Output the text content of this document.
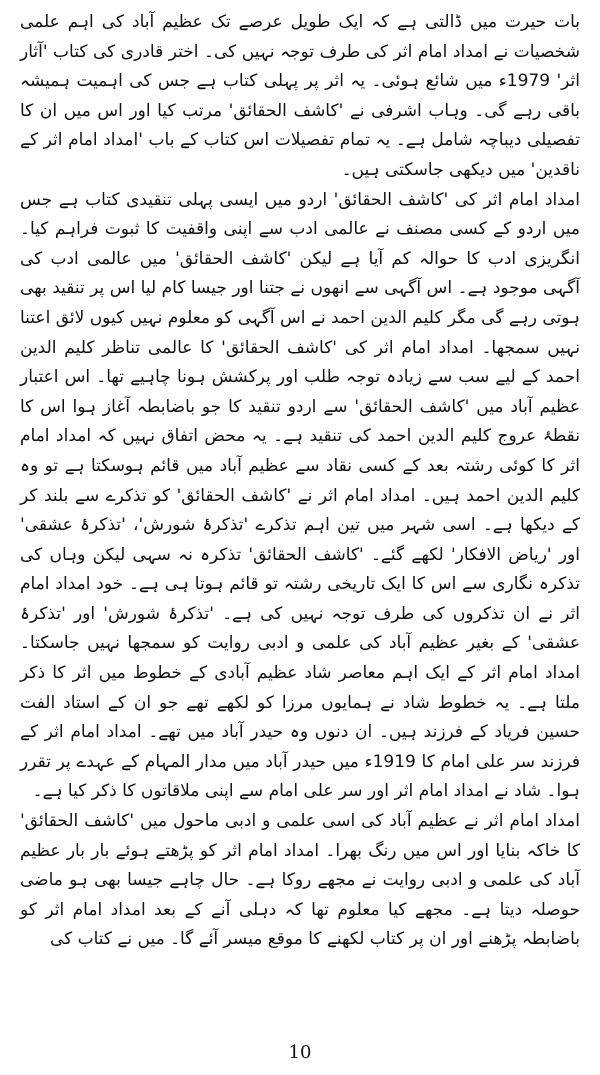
بات حیرت میں ڈالتی ہے کہ ایک طویل عرصے تک عظیم آباد کی اہم علمی شخصیات نے امداد امام اثر کی طرف توجہ نہیں کی۔ اختر قادری کی کتاب 'آثار اثر' 1979ء میں شائع ہوئی۔ یہ اثر پر پہلی کتاب ہے جس کی اہمیت ہمیشہ باقی رہے گی۔ وہاب اشرفی نے 'کاشف الحقائق' مرتب کیا اور اس میں ان کا تفصیلی دیباچہ شامل ہے۔ یہ تمام تفصیلات اس کتاب کے باب 'امداد امام اثر کے ناقدین' میں دیکھی جاسکتی ہیں۔

امداد امام اثر کی 'کاشف الحقائق' اردو میں ایسی پہلی تنقیدی کتاب ہے جس میں اردو کے کسی مصنف نے عالمی ادب سے اپنی واقفیت کا ثبوت فراہم کیا۔ انگریزی ادب کا حوالہ کم آیا ہے لیکن 'کاشف الحقائق' میں عالمی ادب کی آگہی موجود ہے۔ اس آگہی سے انھوں نے جتنا اور جیسا کام لیا اس پر تنقید بھی ہوتی رہے گی مگر کلیم الدین احمد نے اس آگہی کو معلوم نہیں کیوں لائق اعتنا نہیں سمجھا۔ امداد امام اثر کی 'کاشف الحقائق' کا عالمی تناظر کلیم الدین احمد کے لیے سب سے زیادہ توجہ طلب اور پرکشش ہونا چاہیے تھا۔ اس اعتبار عظیم آباد میں 'کاشف الحقائق' سے اردو تنقید کا جو باضابطہ آغاز ہوا اس کا نقطۂ عروج کلیم الدین احمد کی تنقید ہے۔ یہ محض اتفاق نہیں کہ امداد امام اثر کا کوئی رشتہ بعد کے کسی نقاد سے عظیم آباد میں قائم ہوسکتا ہے تو وہ کلیم الدین احمد ہیں۔ امداد امام اثر نے 'کاشف الحقائق' کو تذکرے سے بلند کر کے دیکھا ہے۔ اسی شہر میں تین اہم تذکرے 'تذکرۂ شورش'، 'تذکرۂ عشقی' اور 'ریاض الافکار' لکھے گئے۔ 'کاشف الحقائق' تذکرہ نہ سہی لیکن وہاں کی تذکرہ نگاری سے اس کا ایک تاریخی رشتہ تو قائم ہوتا ہی ہے۔ خود امداد امام اثر نے ان تذکروں کی طرف توجہ نہیں کی ہے۔ 'تذکرۂ شورش' اور 'تذکرۂ عشقی' کے بغیر عظیم آباد کی علمی و ادبی روایت کو سمجھا نہیں جاسکتا۔ امداد امام اثر کے ایک اہم معاصر شاد عظیم آبادی کے خطوط میں اثر کا ذکر ملتا ہے۔ یہ خطوط شاد نے ہمایوں مرزا کو لکھے تھے جو ان کے استاد الفت حسین فریاد کے فرزند ہیں۔ ان دنوں وہ حیدر آباد میں تھے۔ امداد امام اثر کے فرزند سر علی امام کا 1919ء میں حیدر آباد میں مدار المہام کے عہدے پر تقرر ہوا۔ شاد نے امداد امام اثر اور سر علی امام سے اپنی ملاقاتوں کا ذکر کیا ہے۔

امداد امام اثر نے عظیم آباد کی اسی علمی و ادبی ماحول میں 'کاشف الحقائق' کا خاکہ بنایا اور اس میں رنگ بھرا۔ امداد امام اثر کو پڑھتے ہوئے بار بار عظیم آباد کی علمی و ادبی روایت نے مجھے روکا ہے۔ حال چاہے جیسا بھی ہو ماضی حوصلہ دیتا ہے۔ مجھے کیا معلوم تھا کہ دہلی آنے کے بعد امداد امام اثر کو باضابطہ پڑھنے اور ان پر کتاب لکھنے کا موقع میسر آئے گا۔ میں نے کتاب کی

10
